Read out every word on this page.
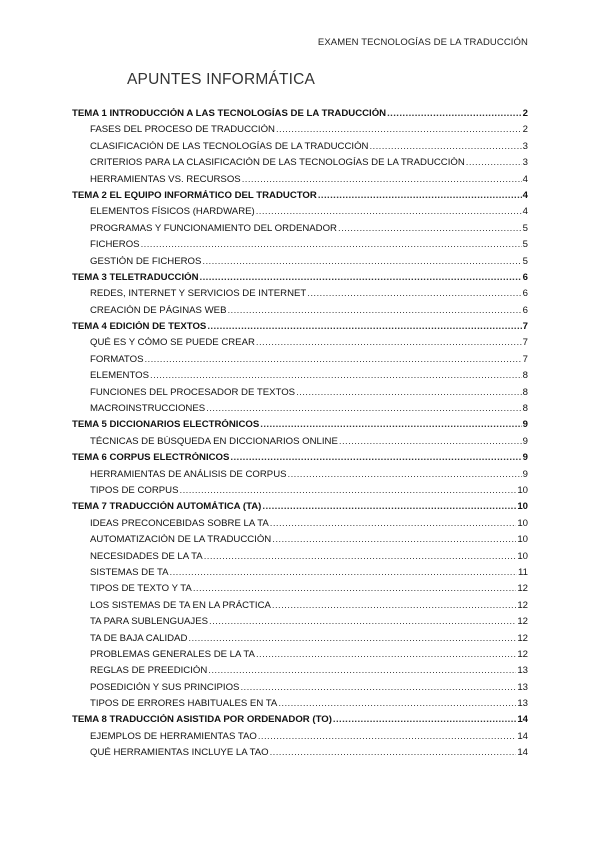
EXAMEN TECNOLOGÍAS DE LA TRADUCCIÓN
APUNTES INFORMÁTICA
TEMA 1 INTRODUCCIÓN A LAS TECNOLOGÍAS DE LA TRADUCCIÓN .....	2
FASES DEL PROCESO DE TRADUCCIÓN .....	2
CLASIFICACIÓN DE LAS TECNOLOGÍAS DE LA TRADUCCIÓN .....	3
CRITERIOS PARA LA CLASIFICACIÓN DE LAS TECNOLOGÍAS DE LA TRADUCCIÓN .....	3
HERRAMIENTAS VS. RECURSOS .....	4
TEMA 2 EL EQUIPO INFORMÁTICO DEL TRADUCTOR .....	4
ELEMENTOS FÍSICOS (HARDWARE) .....	4
PROGRAMAS Y FUNCIONAMIENTO DEL ORDENADOR .....	5
FICHEROS .....	5
GESTIÓN DE FICHEROS .....	5
TEMA 3 TELETRADUCCIÓN .....	6
REDES, INTERNET Y SERVICIOS DE INTERNET .....	6
CREACIÓN DE PÁGINAS WEB .....	6
TEMA 4 EDICIÓN DE TEXTOS .....	7
QUÉ ES Y CÓMO SE PUEDE CREAR .....	7
FORMATOS .....	7
ELEMENTOS .....	8
FUNCIONES DEL PROCESADOR DE TEXTOS .....	8
MACROINSTRUCCIONES .....	8
TEMA 5 DICCIONARIOS ELECTRÓNICOS .....	9
TÉCNICAS DE BÚSQUEDA EN DICCIONARIOS ONLINE .....	9
TEMA 6 CORPUS ELECTRÓNICOS .....	9
HERRAMIENTAS DE ANÁLISIS DE CORPUS .....	9
TIPOS DE CORPUS .....	10
TEMA 7 TRADUCCIÓN AUTOMÁTICA (TA) .....	10
IDEAS PRECONCEBIDAS SOBRE LA TA .....	10
AUTOMATIZACIÓN DE LA TRADUCCIÓN .....	10
NECESIDADES DE LA TA .....	10
SISTEMAS DE TA .....	11
TIPOS DE TEXTO Y TA .....	12
LOS SISTEMAS DE TA EN LA PRÁCTICA .....	12
TA PARA SUBLENGUAJES .....	12
TA DE BAJA CALIDAD .....	12
PROBLEMAS GENERALES DE LA TA .....	12
REGLAS DE PREEDICIÓN .....	13
POSEDICIÓN Y SUS PRINCIPIOS .....	13
TIPOS DE ERRORES HABITUALES EN TA .....	13
TEMA 8 TRADUCCIÓN ASISTIDA POR ORDENADOR (TO) .....	14
EJEMPLOS DE HERRAMIENTAS TAO .....	14
QUÉ HERRAMIENTAS INCLUYE LA TAO .....	14
